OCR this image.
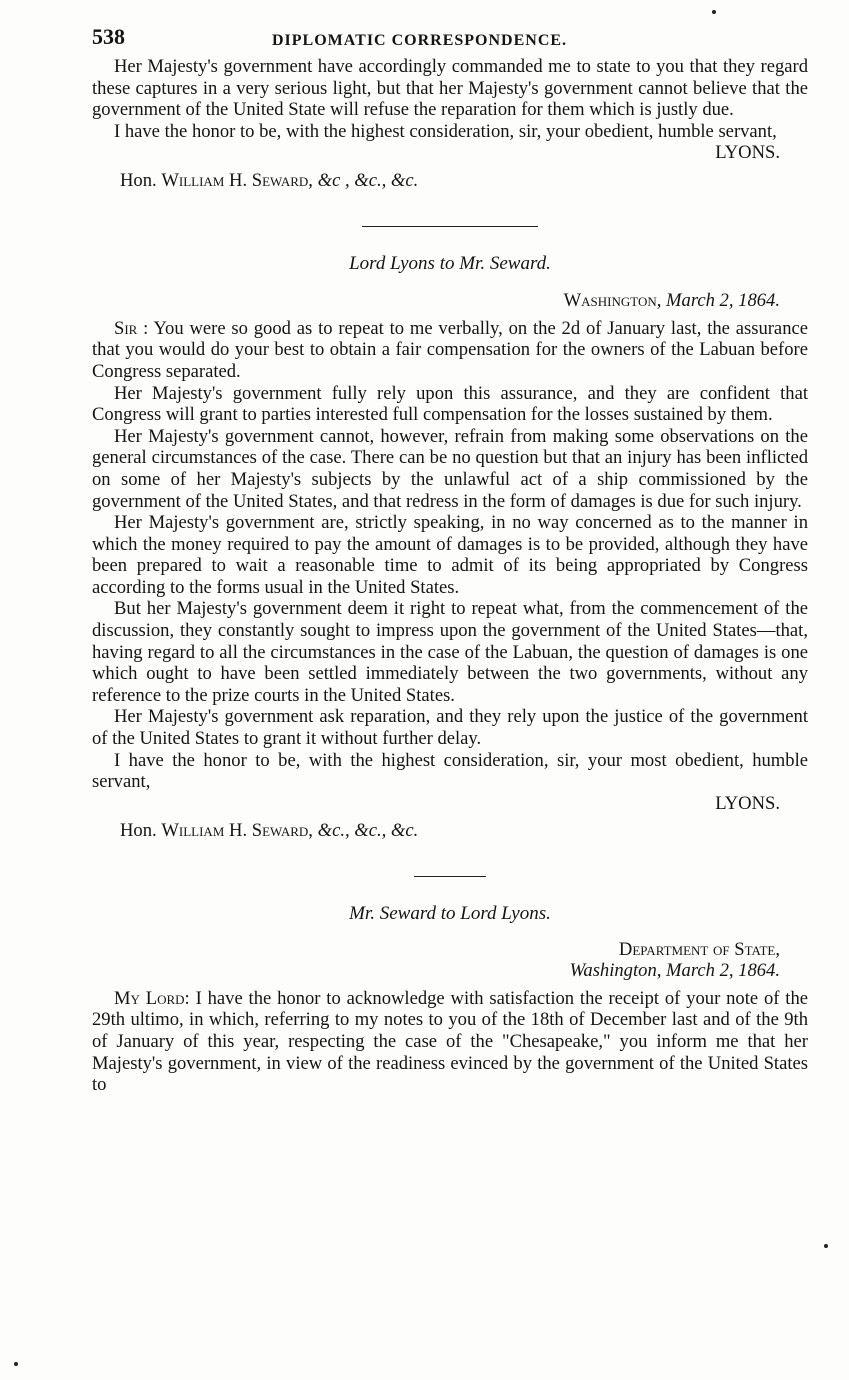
538	DIPLOMATIC CORRESPONDENCE.

Her Majesty's government have accordingly commanded me to state to you that they regard these captures in a very serious light, but that her Majesty's government cannot believe that the government of the United State will refuse the reparation for them which is justly due.

I have the honor to be, with the highest consideration, sir, your obedient, humble servant,

LYONS.
Hon. William H. Seward, &c , &c., &c.
Lord Lyons to Mr. Seward.
Washington, March 2, 1864.

Sir : You were so good as to repeat to me verbally, on the 2d of January last, the assurance that you would do your best to obtain a fair compensation for the owners of the Labuan before Congress separated.

Her Majesty's government fully rely upon this assurance, and they are confident that Congress will grant to parties interested full compensation for the losses sustained by them.

Her Majesty's government cannot, however, refrain from making some observations on the general circumstances of the case. There can be no question but that an injury has been inflicted on some of her Majesty's subjects by the unlawful act of a ship commissioned by the government of the United States, and that redress in the form of damages is due for such injury.

Her Majesty's government are, strictly speaking, in no way concerned as to the manner in which the money required to pay the amount of damages is to be provided, although they have been prepared to wait a reasonable time to admit of its being appropriated by Congress according to the forms usual in the United States.

But her Majesty's government deem it right to repeat what, from the commencement of the discussion, they constantly sought to impress upon the government of the United States—that, having regard to all the circumstances in the case of the Labuan, the question of damages is one which ought to have been settled immediately between the two governments, without any reference to the prize courts in the United States.

Her Majesty's government ask reparation, and they rely upon the justice of the government of the United States to grant it without further delay.

I have the honor to be, with the highest consideration, sir, your most obedient, humble servant,

LYONS.
Hon. William H. Seward, &c., &c., &c.
Mr. Seward to Lord Lyons.
Department of State,
Washington, March 2, 1864.

My Lord: I have the honor to acknowledge with satisfaction the receipt of your note of the 29th ultimo, in which, referring to my notes to you of the 18th of December last and of the 9th of January of this year, respecting the case of the "Chesapeake," you inform me that her Majesty's government, in view of the readiness evinced by the government of the United States to
